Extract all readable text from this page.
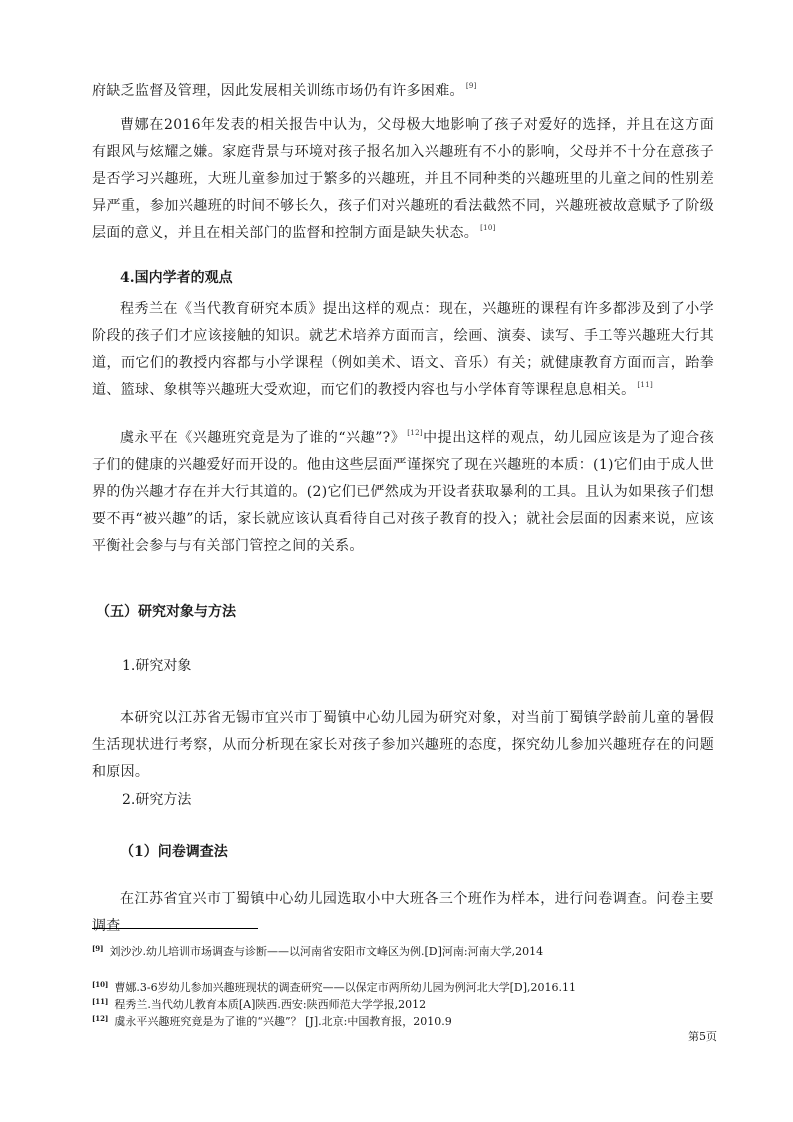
府缺乏监督及管理，因此发展相关训练市场仍有许多困难。 [9]

曹娜在2016年发表的相关报告中认为，父母极大地影响了孩子对爱好的选择，并且在这方面有跟风与炫耀之嫌。家庭背景与环境对孩子报名加入兴趣班有不小的影响，父母并不十分在意孩子是否学习兴趣班，大班儿童参加过于繁多的兴趣班，并且不同种类的兴趣班里的儿童之间的性别差异严重，参加兴趣班的时间不够长久，孩子们对兴趣班的看法截然不同，兴趣班被故意赋予了阶级层面的意义，并且在相关部门的监督和控制方面是缺失状态。 [10]

4.国内学者的观点

程秀兰在《当代教育研究本质》提出这样的观点：现在，兴趣班的课程有许多都涉及到了小学阶段的孩子们才应该接触的知识。就艺术培养方面而言，绘画、演奏、读写、手工等兴趣班大行其道，而它们的教授内容都与小学课程（例如美术、语文、音乐）有关；就健康教育方面而言，跆拳道、篮球、象棋等兴趣班大受欢迎，而它们的教授内容也与小学体育等课程息息相关。 [11]

虞永平在《兴趣班究竟是为了谁的“兴趣”?》 [12]中提出这样的观点，幼儿园应该是为了迎合孩子们的健康的兴趣爱好而开设的。他由这些层面严谨探究了现在兴趣班的本质：(1)它们由于成人世界的伪兴趣才存在并大行其道的。(2)它们已俨然成为开设者获取暴利的工具。且认为如果孩子们想要不再“被兴趣”的话，家长就应该认真看待自己对孩子教育的投入；就社会层面的因素来说，应该平衡社会参与与有关部门管控之间的关系。

（五）研究对象与方法
1.研究对象

本研究以江苏省无锡市宜兴市丁蜀镇中心幼儿园为研究对象，对当前丁蜀镇学龄前儿童的暑假生活现状进行考察，从而分析现在家长对孩子参加兴趣班的态度，探究幼儿参加兴趣班存在的问题和原因。

2.研究方法
（1）问卷调查法

在江苏省宜兴市丁蜀镇中心幼儿园选取小中大班各三个班作为样本，进行问卷调查。问卷主要调查

[9] 刘沙沙.幼儿培训市场调查与诊断——以河南省安阳市文峰区为例.[D]河南:河南大学,2014

[10] 曹娜.3-6岁幼儿参加兴趣班现状的调查研究——以保定市两所幼儿园为例河北大学[D],2016.11

[11] 程秀兰.当代幼儿教育本质[A]陕西.西安:陕西师范大学学报,2012

[12] 虞永平兴趣班究竟是为了谁的“兴趣”？ [J].北京:中国教育报，2010.9

第5页
